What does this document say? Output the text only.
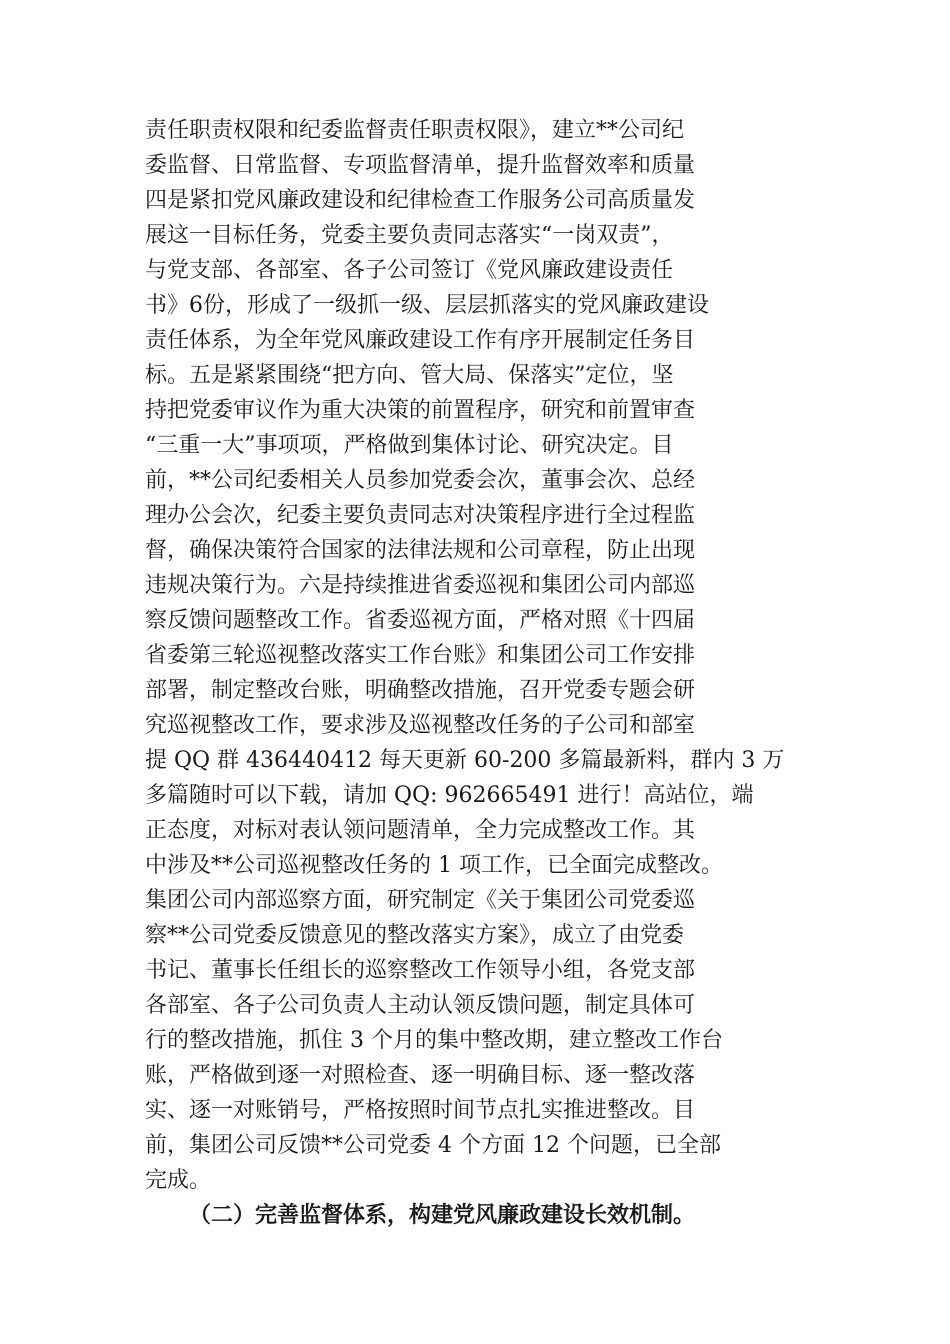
责任职责权限和纪委监督责任职责权限》，建立**公司纪
委监督、日常监督、专项监督清单，提升监督效率和质量
四是紧扣党风廉政建设和纪律检查工作服务公司高质量发
展这一目标任务，党委主要负责同志落实“一岗双责”，
与党支部、各部室、各子公司签订《党风廉政建设责任
书》6份，形成了一级抓一级、层层抓落实的党风廉政建设
责任体系，为全年党风廉政建设工作有序开展制定任务目
标。五是紧紧围绕“把方向、管大局、保落实”定位，坚
持把党委审议作为重大决策的前置程序，研究和前置审查
“三重一大”事项项，严格做到集体讨论、研究决定。目
前，**公司纪委相关人员参加党委会次，董事会次、总经
理办公会次，纪委主要负责同志对决策程序进行全过程监
督，确保决策符合国家的法律法规和公司章程，防止出现
违规决策行为。六是持续推进省委巡视和集团公司内部巡
察反馈问题整改工作。省委巡视方面，严格对照《十四届
省委第三轮巡视整改落实工作台账》和集团公司工作安排
部署，制定整改台账，明确整改措施，召开党委专题会研
究巡视整改工作，要求涉及巡视整改任务的子公司和部室
提 QQ 群 436440412 每天更新 60-200 多篇最新料，群内 3 万
多篇随时可以下载，请加 QQ: 962665491 进行！高站位，端
正态度，对标对表认领问题清单，全力完成整改工作。其
中涉及**公司巡视整改任务的 1 项工作，已全面完成整改。
集团公司内部巡察方面，研究制定《关于集团公司党委巡
察**公司党委反馈意见的整改落实方案》，成立了由党委
书记、董事长任组长的巡察整改工作领导小组，各党支部
各部室、各子公司负责人主动认领反馈问题，制定具体可
行的整改措施，抓住 3 个月的集中整改期，建立整改工作台
账，严格做到逐一对照检查、逐一明确目标、逐一整改落
实、逐一对账销号，严格按照时间节点扎实推进整改。目
前，集团公司反馈**公司党委 4 个方面 12 个问题，已全部
完成。
（二）完善监督体系，构建党风廉政建设长效机制。
